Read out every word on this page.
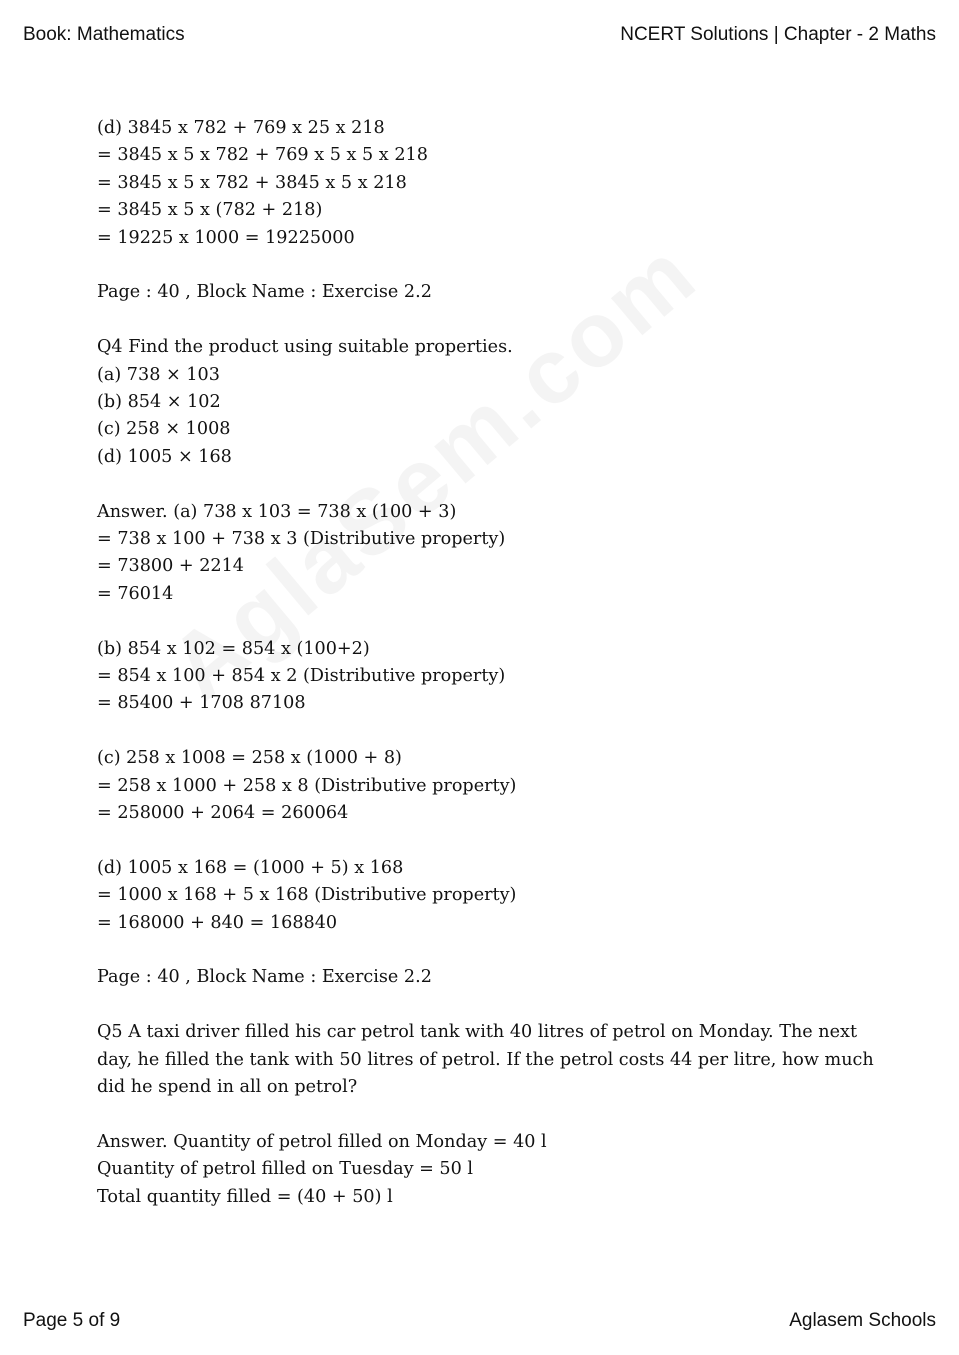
Book: Mathematics	NCERT Solutions | Chapter - 2 Maths
(d) 3845 x 782 + 769 x 25 x 218
= 3845 x 5 x 782 + 769 x 5 x 5 x 218
= 3845 x 5 x 782 + 3845 x 5 x 218
= 3845 x 5 x (782 + 218)
= 19225 x 1000 = 19225000
Page : 40 , Block Name : Exercise 2.2
Q4 Find the product using suitable properties.
(a) 738 × 103
(b) 854 × 102
(c) 258 × 1008
(d) 1005 × 168
Answer. (a) 738 x 103 = 738 x (100 + 3)
= 738 x 100 + 738 x 3 (Distributive property)
= 73800 + 2214
= 76014
(b) 854 x 102 = 854 x (100+2)
= 854 x 100 + 854 x 2 (Distributive property)
= 85400 + 1708 87108
(c) 258 x 1008 = 258 x (1000 + 8)
= 258 x 1000 + 258 x 8 (Distributive property)
= 258000 + 2064 = 260064
(d) 1005 x 168 = (1000 + 5) x 168
= 1000 x 168 + 5 x 168 (Distributive property)
= 168000 + 840 = 168840
Page : 40 , Block Name : Exercise 2.2
Q5 A taxi driver filled his car petrol tank with 40 litres of petrol on Monday. The next
day, he filled the tank with 50 litres of petrol. If the petrol costs 44 per litre, how much
did he spend in all on petrol?
Answer. Quantity of petrol filled on Monday = 40 l
Quantity of petrol filled on Tuesday = 50 l
Total quantity filled = (40 + 50) l
Page 5 of 9	Aglasem Schools
